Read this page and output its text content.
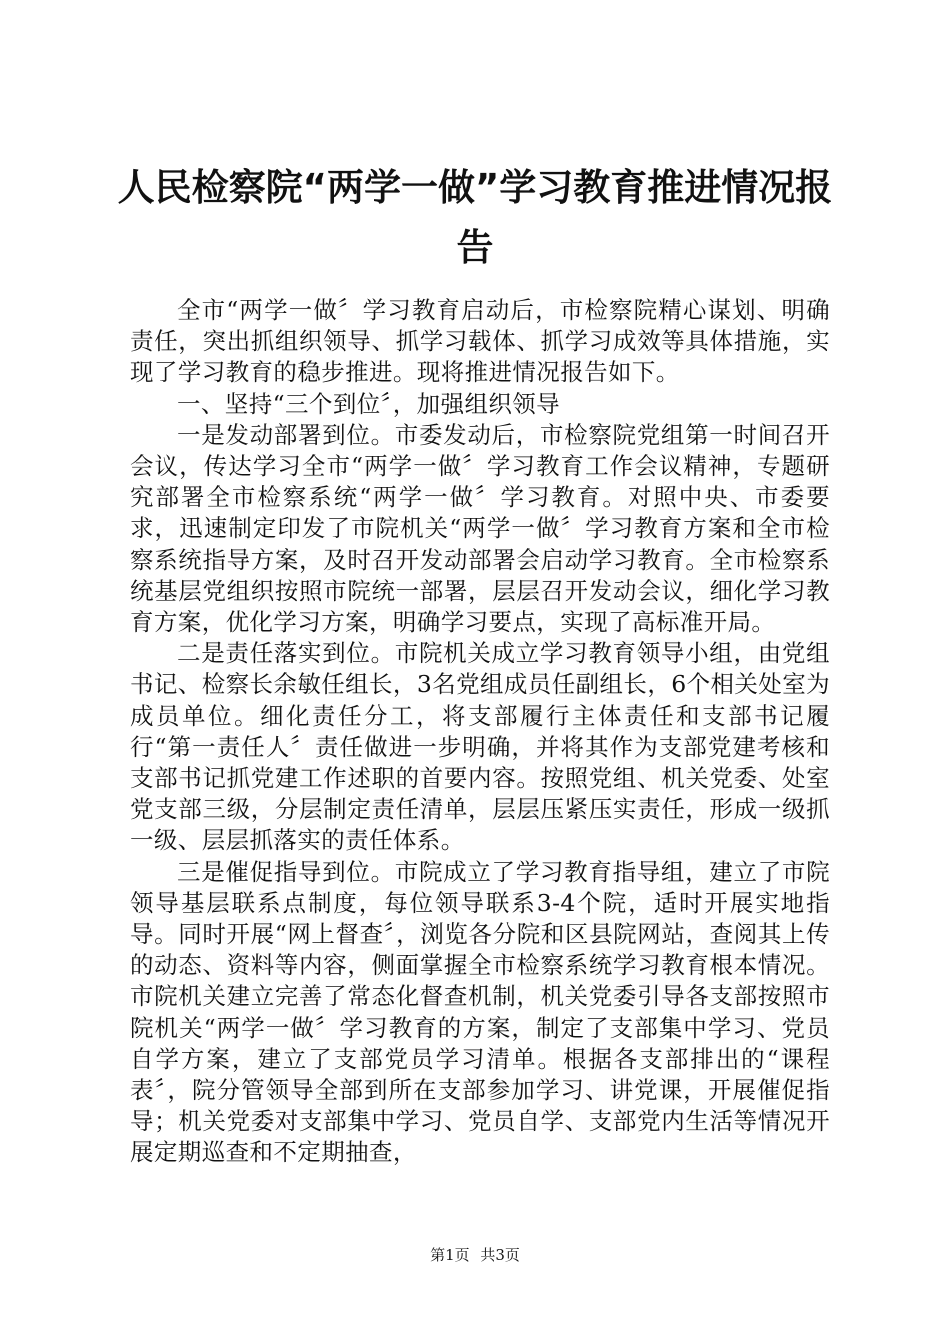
人民检察院“两学一做”学习教育推进情况报告

全市“两学一做〞学习教育启动后，市检察院精心谋划、明确责任，突出抓组织领导、抓学习载体、抓学习成效等具体措施，实现了学习教育的稳步推进。现将推进情况报告如下。

一、坚持“三个到位〞，加强组织领导

一是发动部署到位。市委发动后，市检察院党组第一时间召开会议，传达学习全市“两学一做〞学习教育工作会议精神，专题研究部署全市检察系统“两学一做〞学习教育。对照中央、市委要求，迅速制定印发了市院机关“两学一做〞学习教育方案和全市检察系统指导方案，及时召开发动部署会启动学习教育。全市检察系统基层党组织按照市院统一部署，层层召开发动会议，细化学习教育方案，优化学习方案，明确学习要点，实现了高标准开局。

二是责任落实到位。市院机关成立学习教育领导小组，由党组书记、检察长余敏任组长，3名党组成员任副组长，6个相关处室为成员单位。细化责任分工，将支部履行主体责任和支部书记履行“第一责任人〞责任做进一步明确，并将其作为支部党建考核和支部书记抓党建工作述职的首要内容。按照党组、机关党委、处室党支部三级，分层制定责任清单，层层压紧压实责任，形成一级抓一级、层层抓落实的责任体系。

三是催促指导到位。市院成立了学习教育指导组，建立了市院领导基层联系点制度，每位领导联系3-4个院，适时开展实地指导。同时开展“网上督查〞，浏览各分院和区县院网站，查阅其上传的动态、资料等内容，侧面掌握全市检察系统学习教育根本情况。市院机关建立完善了常态化督查机制，机关党委引导各支部按照市院机关“两学一做〞学习教育的方案，制定了支部集中学习、党员自学方案，建立了支部党员学习清单。根据各支部排出的“课程表〞，院分管领导全部到所在支部参加学习、讲党课，开展催促指导；机关党委对支部集中学习、党员自学、支部党内生活等情况开展定期巡查和不定期抽查，

第1页 共3页
